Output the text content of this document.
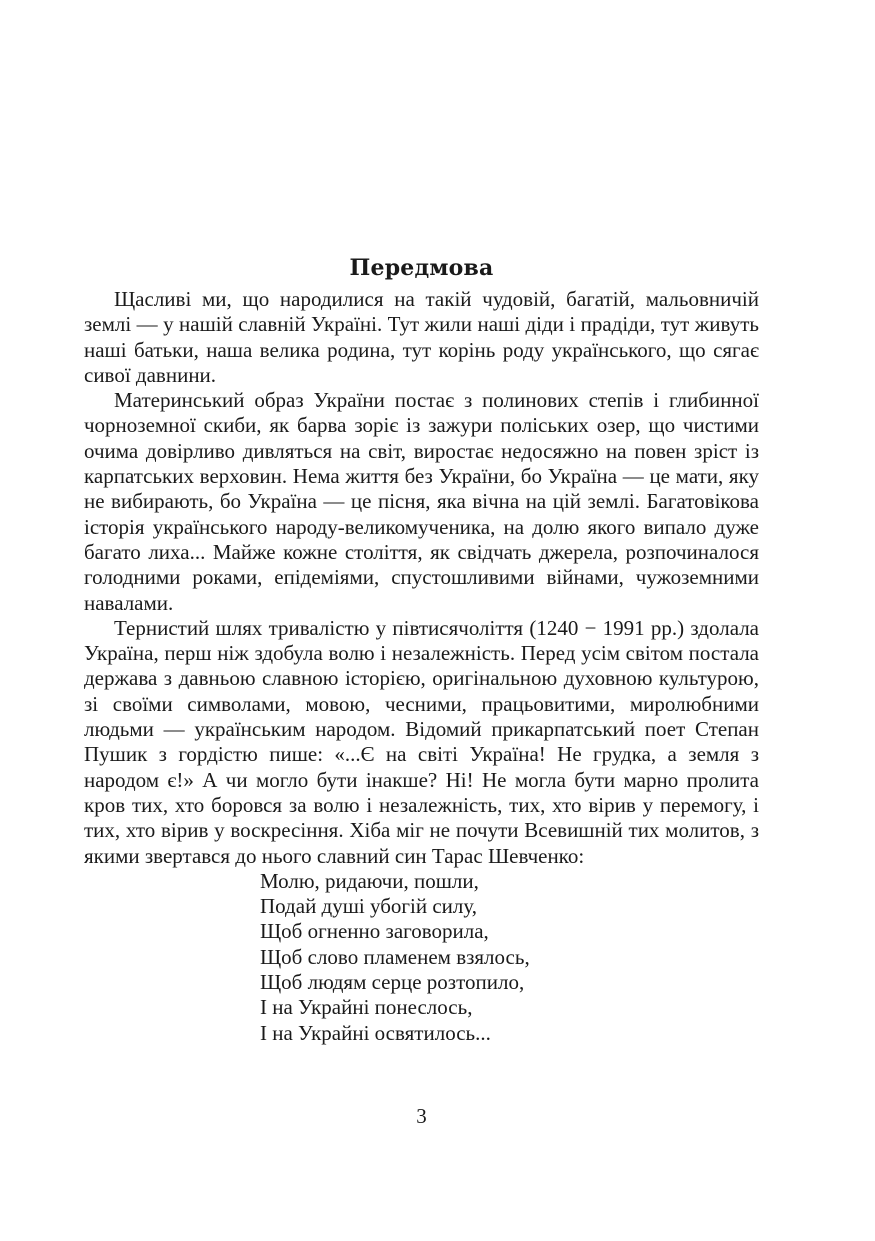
Передмова

Щасливі ми, що народилися на такій чудовій, багатій, мальовничій землі — у нашій славній Україні. Тут жили наші діди і прадіди, тут живуть наші батьки, наша велика родина, тут корінь роду українського, що сягає сивої давнини.

Материнський образ України постає з полинових степів і глибинної чорноземної скиби, як барва зоріє із зажури поліських озер, що чистими очима довірливо дивляться на світ, виростає недосяжно на повен зріст із карпатських верховин. Нема життя без України, бо Україна — це мати, яку не вибирають, бо Україна — це пісня, яка вічна на цій землі. Багатовікова історія українського народу-великомученика, на долю якого випало дуже багато лиха... Майже кожне століття, як свідчать джерела, розпочиналося голодними роками, епідеміями, спустошливими війнами, чужоземними навалами.

Тернистий шлях тривалістю у півтисячоліття (1240 − 1991 рр.) здолала Україна, перш ніж здобула волю і незалежність. Перед усім світом постала держава з давньою славною історією, оригінальною духовною культурою, зі своїми символами, мовою, чесними, працьовитими, миролюбними людьми — українським народом. Відомий прикарпатський поет Степан Пушик з гордістю пише: «...Є на світі Україна! Не грудка, а земля з народом є!» А чи могло бути інакше? Ні! Не могла бути марно пролита кров тих, хто боровся за волю і незалежність, тих, хто вірив у перемогу, і тих, хто вірив у воскресіння. Хіба міг не почути Всевишній тих молитов, з якими звертався до нього славний син Тарас Шевченко:

Молю, ридаючи, пошли,
Подай душі убогій силу,
Щоб огненно заговорила,
Щоб слово пламенем взялось,
Щоб людям серце розтопило,
І на Украйні понеслось,
І на Украйні освятилось...
3
